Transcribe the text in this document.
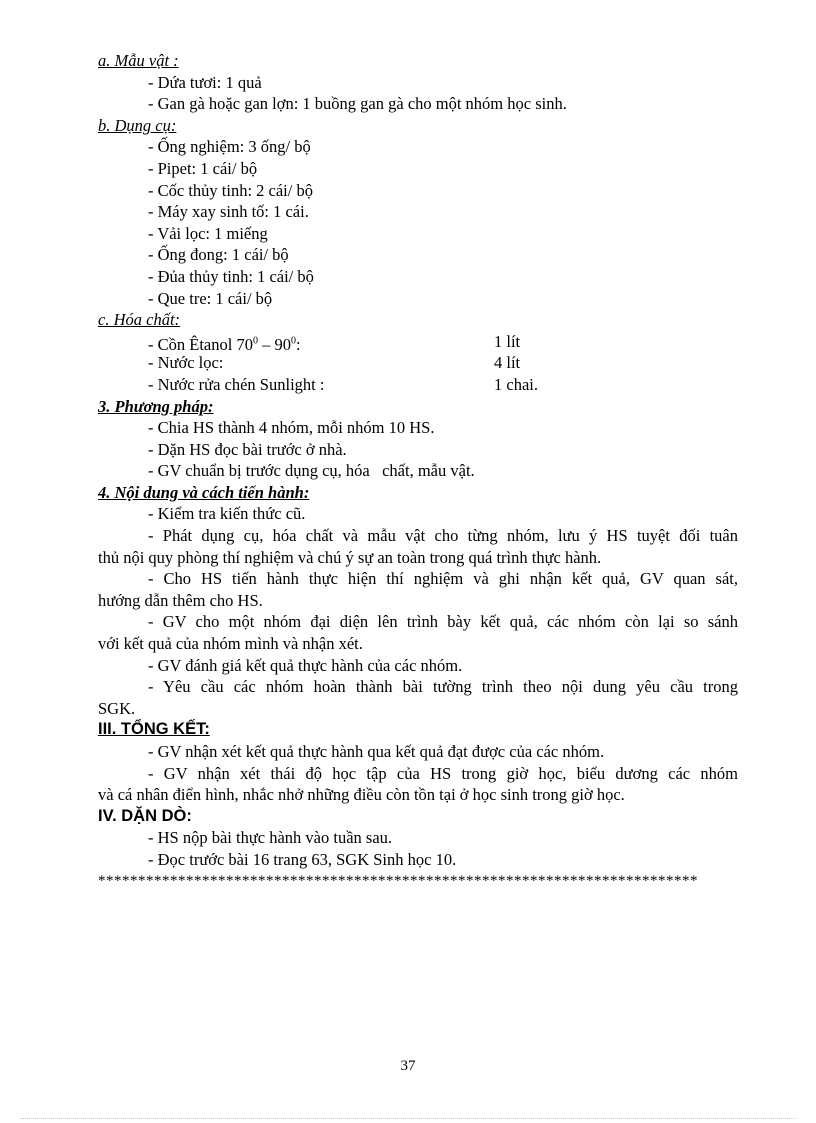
a. Mẫu vật :
- Dứa tươi: 1 quả
- Gan gà hoặc gan lợn: 1 buồng gan gà cho một nhóm học sinh.
b. Dụng cụ:
- Ống nghiệm: 3 ống/ bộ
- Pipet: 1 cái/ bộ
- Cốc thủy tinh: 2 cái/ bộ
- Máy xay sinh tố: 1 cái.
- Vải lọc: 1 miếng
- Ống đong: 1 cái/ bộ
- Đủa thủy tinh: 1 cái/ bộ
- Que tre: 1 cái/ bộ
c. Hóa chất:
- Cồn Êtanol $70^0 - 90^0$:	1 lít
- Nước lọc:	4 lít
- Nước rửa chén Sunlight :	1 chai.
3. Phương pháp:
- Chia HS thành 4 nhóm, mỗi nhóm 10 HS.
- Dặn HS đọc bài trước ở nhà.
- GV chuẩn bị trước dụng cụ, hóa   chất, mẫu vật.
4. Nội dung và cách tiến hành:
- Kiểm tra kiến thức cũ.
- Phát dụng cụ, hóa chất và mẫu vật cho từng nhóm, lưu ý HS tuyệt đối tuân
thủ nội quy phòng thí nghiệm và chú ý sự an toàn trong quá trình thực hành.
- Cho HS tiến hành thực hiện thí nghiệm và ghi nhận kết quả, GV quan sát,
hướng dẫn thêm cho HS.
- GV cho một nhóm đại diện lên trình bày kết quả, các nhóm còn lại so sánh
với kết quả của nhóm mình và nhận xét.
- GV đánh giá kết quả thực hành của các nhóm.
- Yêu cầu các nhóm hoàn thành bài tường trình theo nội dung yêu cầu trong
SGK.
III. TỔNG KẾT:
- GV nhận xét kết quả thực hành qua kết quả đạt được của các nhóm.
- GV nhận xét thái độ học tập của HS trong giờ học, biểu dương các nhóm
và cá nhân điển hình, nhắc nhở những điều còn tồn tại ở học sinh trong giờ học.
IV. DẶN DÒ:
- HS nộp bài thực hành vào tuần sau.
- Đọc trước bài 16 trang 63, SGK Sinh học 10.
***************************************************************************
37
